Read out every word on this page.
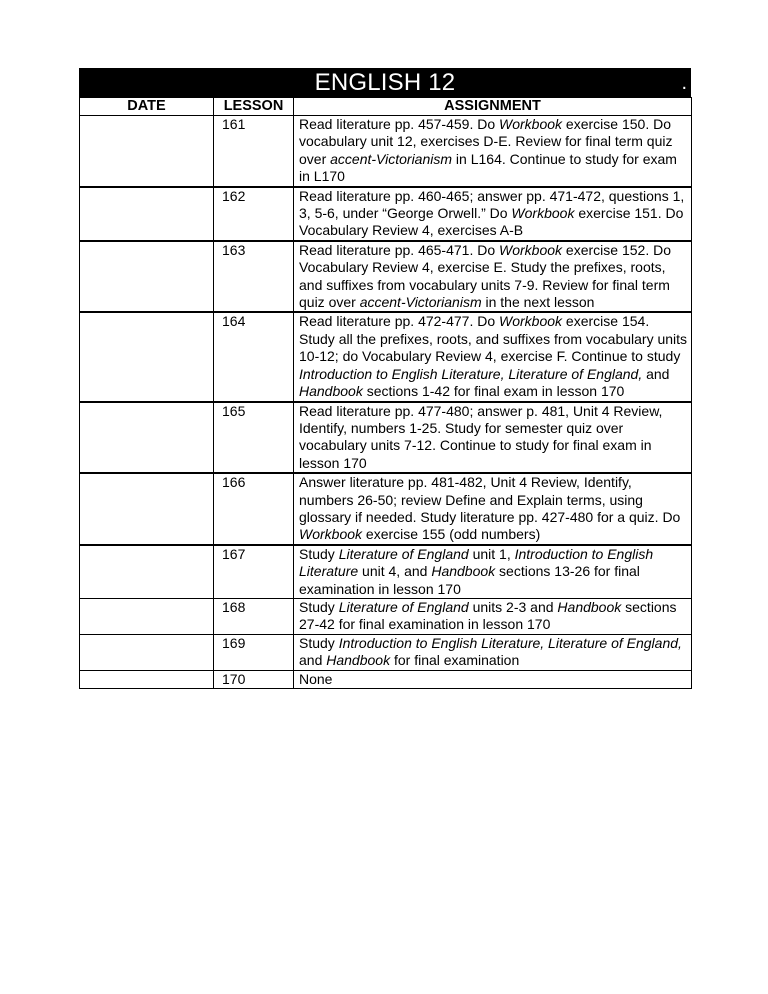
ENGLISH 12	.
DATE	LESSON	ASSIGNMENT
	161	Read literature pp. 457-459. Do Workbook exercise 150. Do vocabulary unit 12, exercises D-E. Review for final term quiz over accent-Victorianism in L164. Continue to study for exam in L170
	162	Read literature pp. 460-465; answer pp. 471-472, questions 1, 3, 5-6, under “George Orwell.” Do Workbook exercise 151. Do Vocabulary Review 4, exercises A-B
	163	Read literature pp. 465-471. Do Workbook exercise 152. Do Vocabulary Review 4, exercise E. Study the prefixes, roots, and suffixes from vocabulary units 7-9. Review for final term quiz over accent-Victorianism in the next lesson
	164	Read literature pp. 472-477. Do Workbook exercise 154. Study all the prefixes, roots, and suffixes from vocabulary units 10-12; do Vocabulary Review 4, exercise F. Continue to study Introduction to English Literature, Literature of England, and Handbook sections 1-42 for final exam in lesson 170
	165	Read literature pp. 477-480; answer p. 481, Unit 4 Review, Identify, numbers 1-25. Study for semester quiz over vocabulary units 7-12. Continue to study for final exam in lesson 170
	166	Answer literature pp. 481-482, Unit 4 Review, Identify, numbers 26-50; review Define and Explain terms, using glossary if needed. Study literature pp. 427-480 for a quiz. Do Workbook exercise 155 (odd numbers)
	167	Study Literature of England unit 1, Introduction to English Literature unit 4, and Handbook sections 13-26 for final examination in lesson 170
	168	Study Literature of England units 2-3 and Handbook sections 27-42 for final examination in lesson 170
	169	Study Introduction to English Literature, Literature of England, and Handbook for final examination
	170	None
